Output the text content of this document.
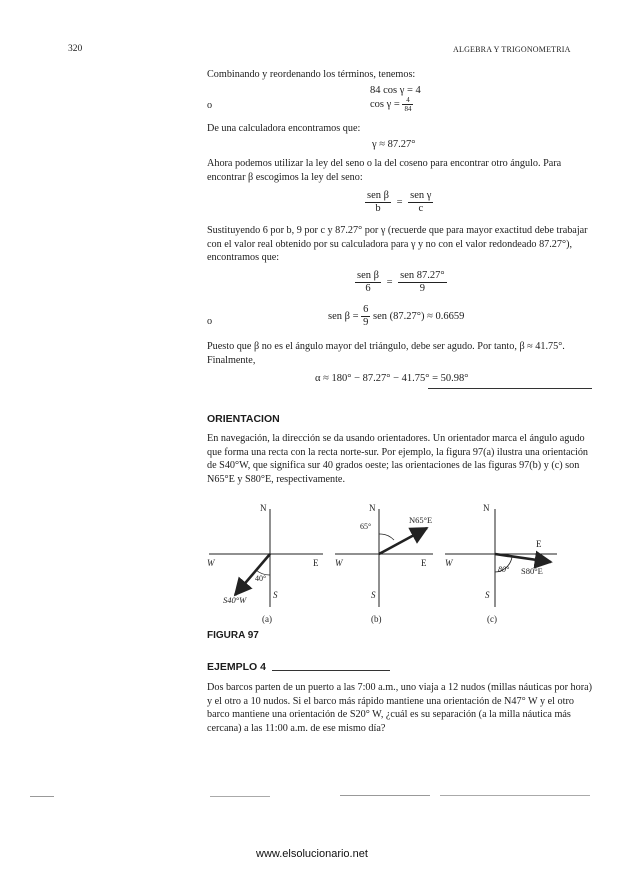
320	ALGEBRA Y TRIGONOMETRIA
Combinando y reordenando los términos, tenemos:
84 cos γ = 4
o	$\cos \gamma = \frac{4}{84}$
De una calculadora encontramos que:
γ ≈ 87.27°
Ahora podemos utilizar la ley del seno o la del coseno para encontrar otro ángulo. Para encontrar β escogimos la ley del seno:
$\frac{\text{sen β}}{b} = \frac{\text{sen γ}}{c}$
Sustituyendo 6 por b, 9 por c y 87.27° por γ (recuerde que para mayor exactitud debe trabajar con el valor real obtenido por su calculadora para γ y no con el valor redondeado 87.27°), encontramos que:
$\frac{\text{sen β}}{6} = \frac{\text{sen 87.27°}}{9}$
o	sen $\beta = \frac{6}{9}$ sen (87.27°) ≈ 0.6659
Puesto que β no es el ángulo mayor del triángulo, debe ser agudo. Por tanto, β ≈ 41.75°. Finalmente,
α ≈ 180° − 87.27° − 41.75° = 50.98°
ORIENTACION
En navegación, la dirección se da usando orientadores. Un orientador marca el ángulo agudo que forma una recta con la recta norte-sur. Por ejemplo, la figura 97(a) ilustra una orientación de S40°W, que significa sur 40 grados oeste; las orientaciones de las figuras 97(b) y (c) son N65°E y S80°E, respectivamente.
N
W	E
S
40°
S40°W
(a)
N
W	E
S
65°
N65°E
(b)
N
W
E
S
80° S80°E
(c)
FIGURA 97
EJEMPLO 4
Dos barcos parten de un puerto a las 7:00 a.m., uno viaja a 12 nudos (millas náuticas por hora) y el otro a 10 nudos. Si el barco más rápido mantiene una orientación de N47° W y el otro barco mantiene una orientación de S20° W, ¿cuál es su separación (a la milla náutica más cercana) a las 11:00 a.m. de ese mismo día?
www.elsolucionario.net
